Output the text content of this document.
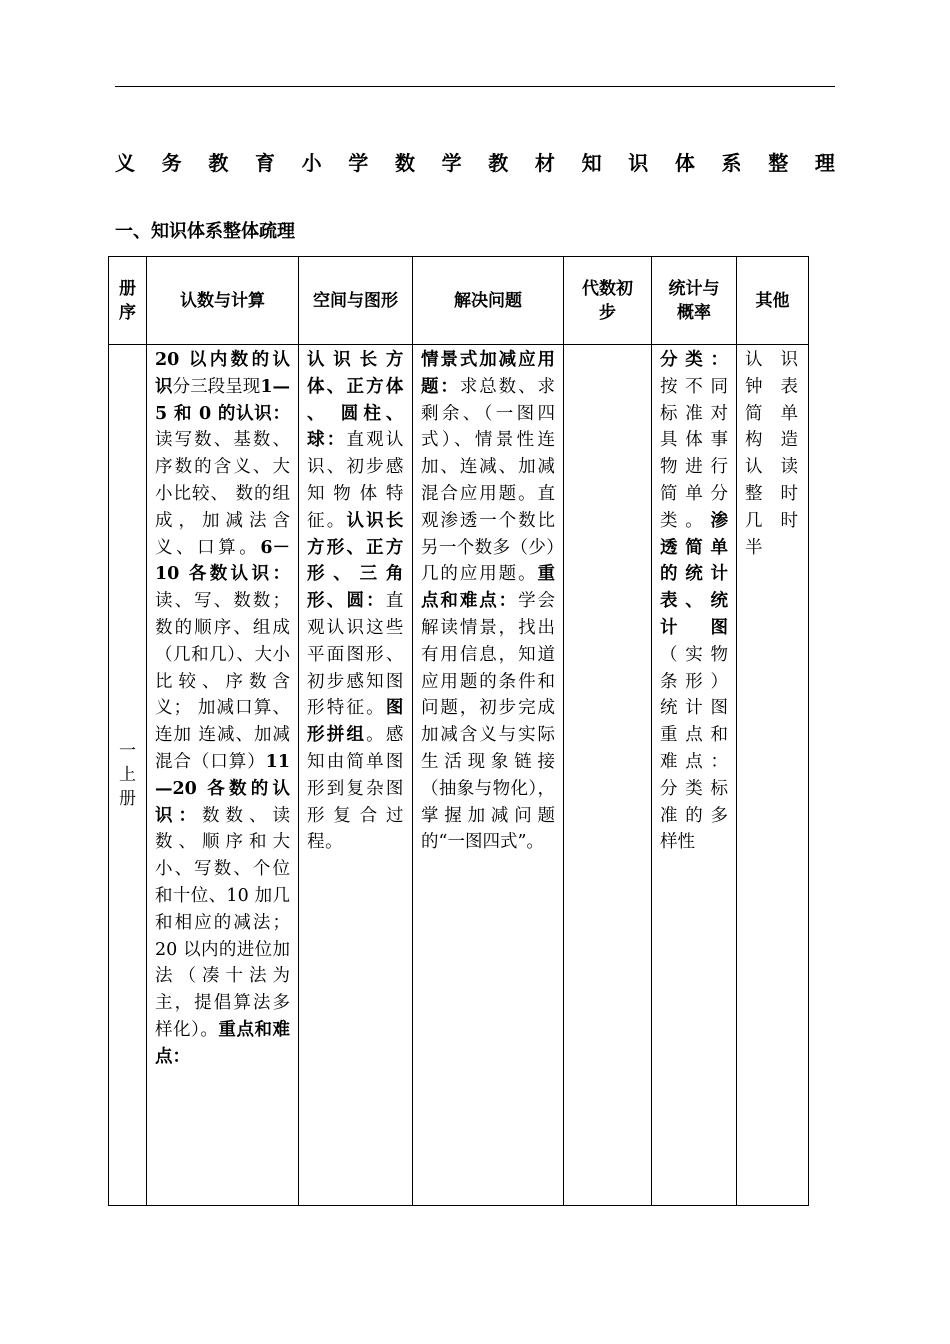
义 务 教 育 小 学 数 学 教 材 知 识 体 系 整 理
一、知识体系整体疏理
册序	认数与计算	空间与图形	解决问题	代数初步	统计与概率	其他

一上册	20 以内数的认识分三段呈现1—5 和 0 的认识：读写数、基数、序数的含义、大小比较、 数的组成，加减法含义、口算。6－10 各数认识：读、写、数数；数的顺序、组成（几和几）、大小比较、序数含义； 加减口算、连加 连减、加减混合（口算）11—20 各数的认识：数数、读数、顺序和大小、写数、个位和十位、10 加几和相应的减法；20 以内的进位加法（凑十法为主，提倡算法多样化）。重点和难点：	认识长方体、正方体 、 圆柱、球：直观认识、初步感知物体特征。认识长方形、正方形、三角形、圆：直观认识这些平面图形、初步感知图形特征。图形拼组。感知由简单图形到复杂图形复合过程。	情景式加减应用题：求总数、求剩余、（一图四式）、情景性连加、连减、加减混合应用题。直观渗透一个数比另一个数多（少）几的应用题。重点和难点：学会解读情景，找出有用信息，知道应用题的条件和问题，初步完成加减含义与实际生活现象链接（抽象与物化），掌握加减问题的“一图四式”。		分类：按不同标准对具体事物进行简单分类。渗透简单的统计表、统计图（实物条形）统计图重点和难点：分类标准的多样性	认识钟表简单构造认读整时几时半
